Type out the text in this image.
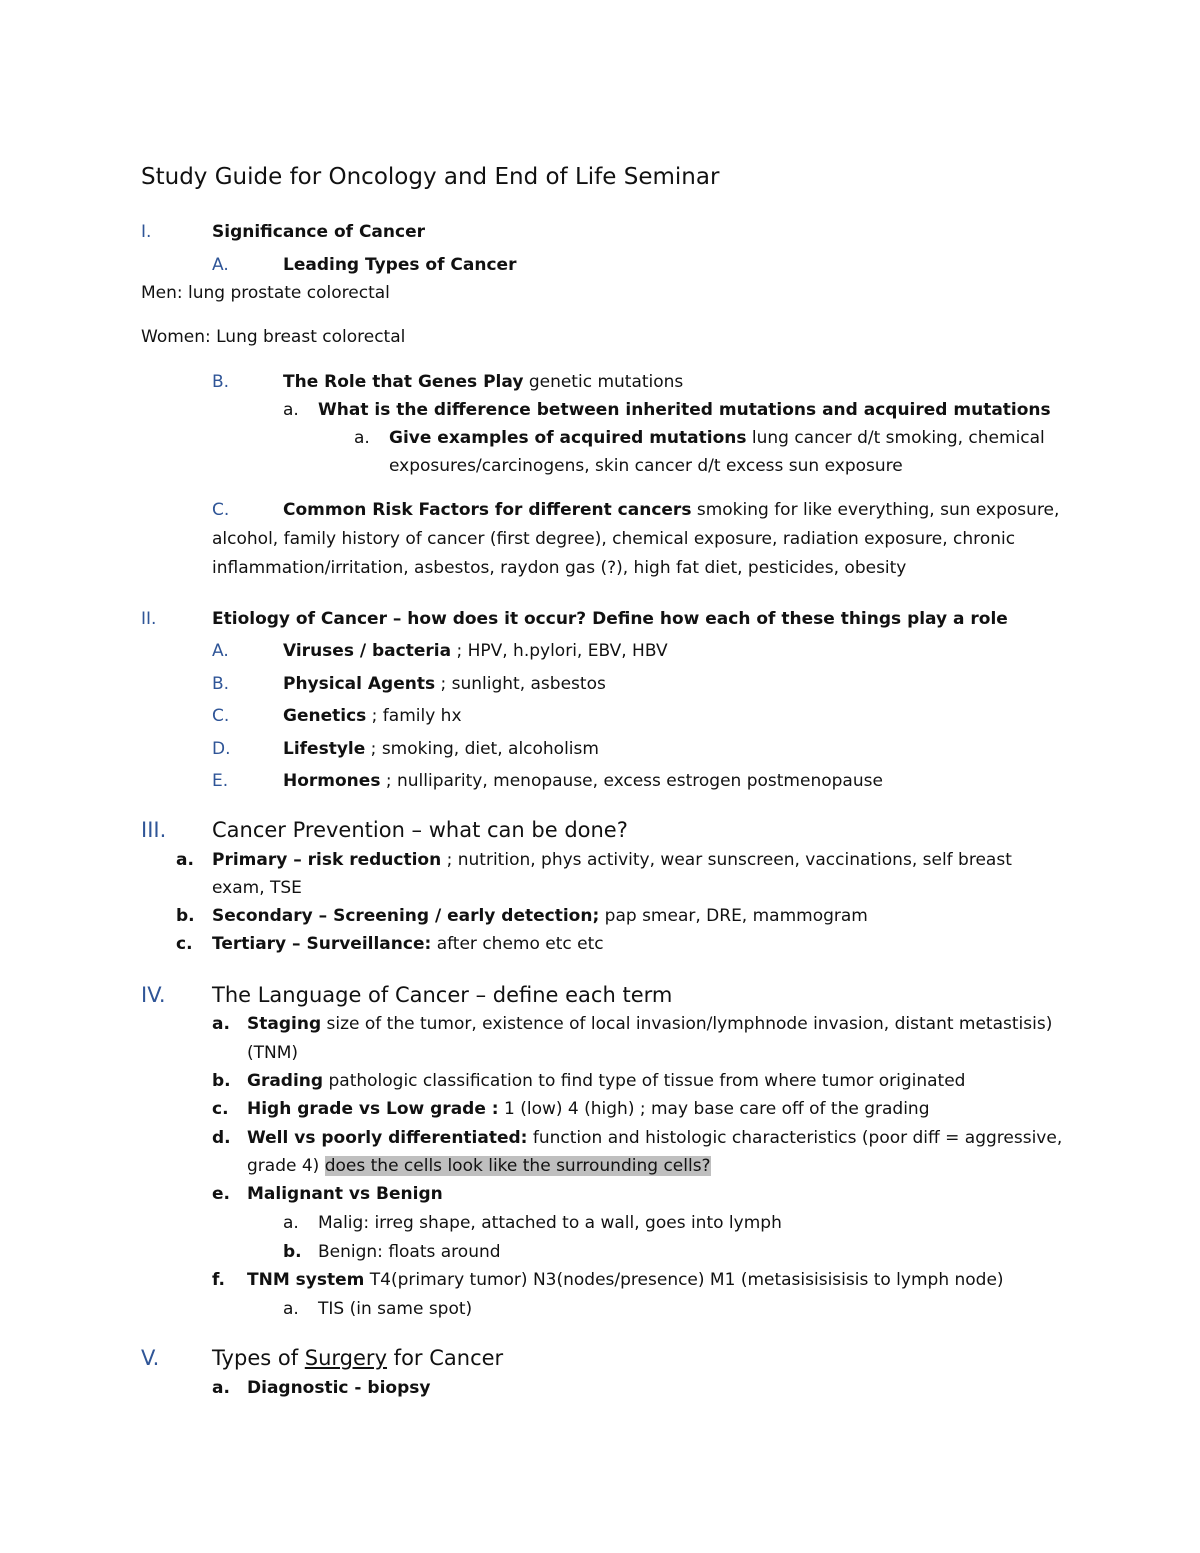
Study Guide for Oncology and End of Life Seminar
I.	Significance of Cancer
A.	Leading Types of Cancer
Men: lung prostate colorectal
Women: Lung breast colorectal
B.	The Role that Genes Play genetic mutations
a. What is the difference between inherited mutations and acquired mutations
a. Give examples of acquired mutations lung cancer d/t smoking, chemical
exposures/carcinogens, skin cancer d/t excess sun exposure
C.	Common Risk Factors for different cancers smoking for like everything, sun exposure,
alcohol, family history of cancer (first degree), chemical exposure, radiation exposure, chronic
inflammation/irritation, asbestos, raydon gas (?), high fat diet, pesticides, obesity
II.	Etiology of Cancer – how does it occur? Define how each of these things play a role
A.	Viruses / bacteria ; HPV, h.pylori, EBV, HBV
B.	Physical Agents ; sunlight, asbestos
C.	Genetics ; family hx
D.	Lifestyle ; smoking, diet, alcoholism
E.	Hormones ; nulliparity, menopause, excess estrogen postmenopause
III. Cancer Prevention – what can be done?
a. Primary – risk reduction ; nutrition, phys activity, wear sunscreen, vaccinations, self breast
exam, TSE
b. Secondary – Screening / early detection; pap smear, DRE, mammogram
c. Tertiary – Surveillance: after chemo etc etc
IV. The Language of Cancer – define each term
a. Staging size of the tumor, existence of local invasion/lymphnode invasion, distant metastisis)
(TNM)
b. Grading pathologic classification to find type of tissue from where tumor originated
c. High grade vs Low grade : 1 (low) 4 (high) ; may base care off of the grading
d. Well vs poorly differentiated: function and histologic characteristics (poor diff = aggressive,
grade 4) does the cells look like the surrounding cells?
e. Malignant vs Benign
a. Malig: irreg shape, attached to a wall, goes into lymph
b. Benign: floats around
f. TNM system T4(primary tumor) N3(nodes/presence) M1 (metasisisisisis to lymph node)
a. TIS (in same spot)
V.	Types of Surgery for Cancer
a. Diagnostic - biopsy
